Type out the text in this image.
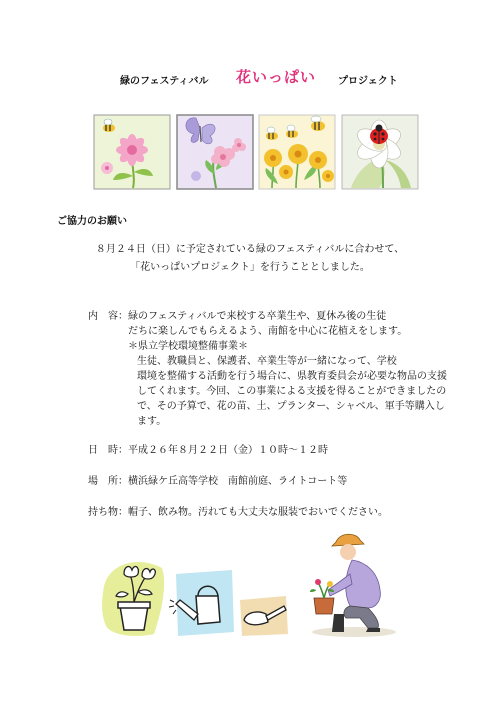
緑のフェスティバル 花いっぱい プロジェクト
ご協力のお願い
８月２４日（日）に予定されている緑のフェスティバルに合わせて、
「花いっぱいプロジェクト」を行うこととしました。
内　容： 緑のフェスティバルで来校する卒業生や、夏休み後の生徒
だちに楽しんでもらえるよう、南館を中心に花植えをします。
＊県立学校環境整備事業＊
生徒、教職員と、保護者、卒業生等が一緒になって、学校
環境を整備する活動を行う場合に、県教育委員会が必要な物品の支援
してくれます。今回、この事業による支援を得ることができましたの
で、その予算で、花の苗、土、プランター、シャベル、軍手等購入し
ます。
日　時： 平成２６年８月２２日（金）１０時〜１２時
場　所： 横浜緑ケ丘高等学校　南館前庭、ライトコート等
持ち物： 帽子、飲み物。汚れても大丈夫な服装でおいでください。
